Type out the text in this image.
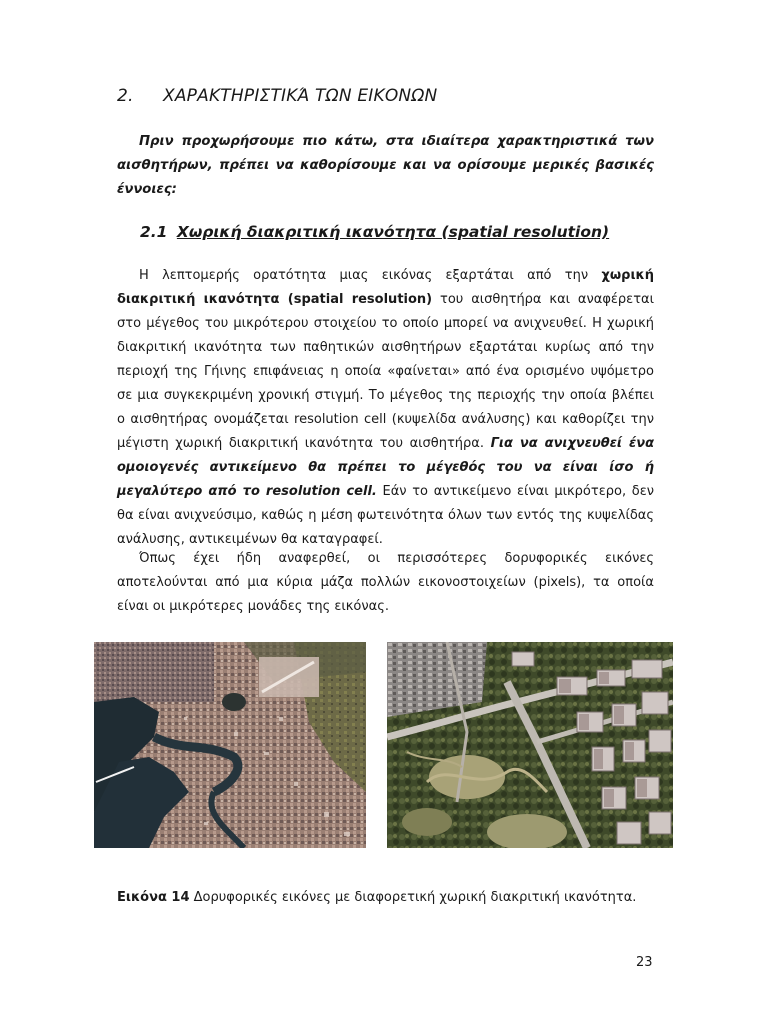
2. ΧΑΡΑΚΤΗΡΙΣΤΙΚΆ ΤΩΝ ΕΙΚΟΝΩΝ

Πριν προχωρήσουμε πιο κάτω, στα ιδιαίτερα χαρακτηριστικά των αισθητήρων, πρέπει να καθορίσουμε και να ορίσουμε μερικές βασικές έννοιες:

2.1 Χωρική διακριτική ικανότητα (spatial resolution)

Η λεπτομερής ορατότητα μιας εικόνας εξαρτάται από την χωρική διακριτική ικανότητα (spatial resolution) του αισθητήρα και αναφέρεται στο μέγεθος του μικρότερου στοιχείου το οποίο μπορεί να ανιχνευθεί. Η χωρική διακριτική ικανότητα των παθητικών αισθητήρων εξαρτάται κυρίως από την περιοχή της Γήινης επιφάνειας η οποία «φαίνεται» από ένα ορισμένο υψόμετρο σε μια συγκεκριμένη χρονική στιγμή. Το μέγεθος της περιοχής την οποία βλέπει ο αισθητήρας ονομάζεται resolution cell (κυψελίδα ανάλυσης) και καθορίζει την μέγιστη χωρική διακριτική ικανότητα του αισθητήρα. Για να ανιχνευθεί ένα ομοιογενές αντικείμενο θα πρέπει το μέγεθός του να είναι ίσο ή μεγαλύτερο από το resolution cell. Εάν το αντικείμενο είναι μικρότερο, δεν θα είναι ανιχνεύσιμο, καθώς η μέση φωτεινότητα όλων των εντός της κυψελίδας ανάλυσης, αντικειμένων θα καταγραφεί.

Όπως έχει ήδη αναφερθεί, οι περισσότερες δορυφορικές εικόνες αποτελούνται από μια κύρια μάζα πολλών εικονοστοιχείων (pixels), τα οποία είναι οι μικρότερες μονάδες της εικόνας.

Εικόνα 14 Δορυφορικές εικόνες με διαφορετική χωρική διακριτική ικανότητα.

23
